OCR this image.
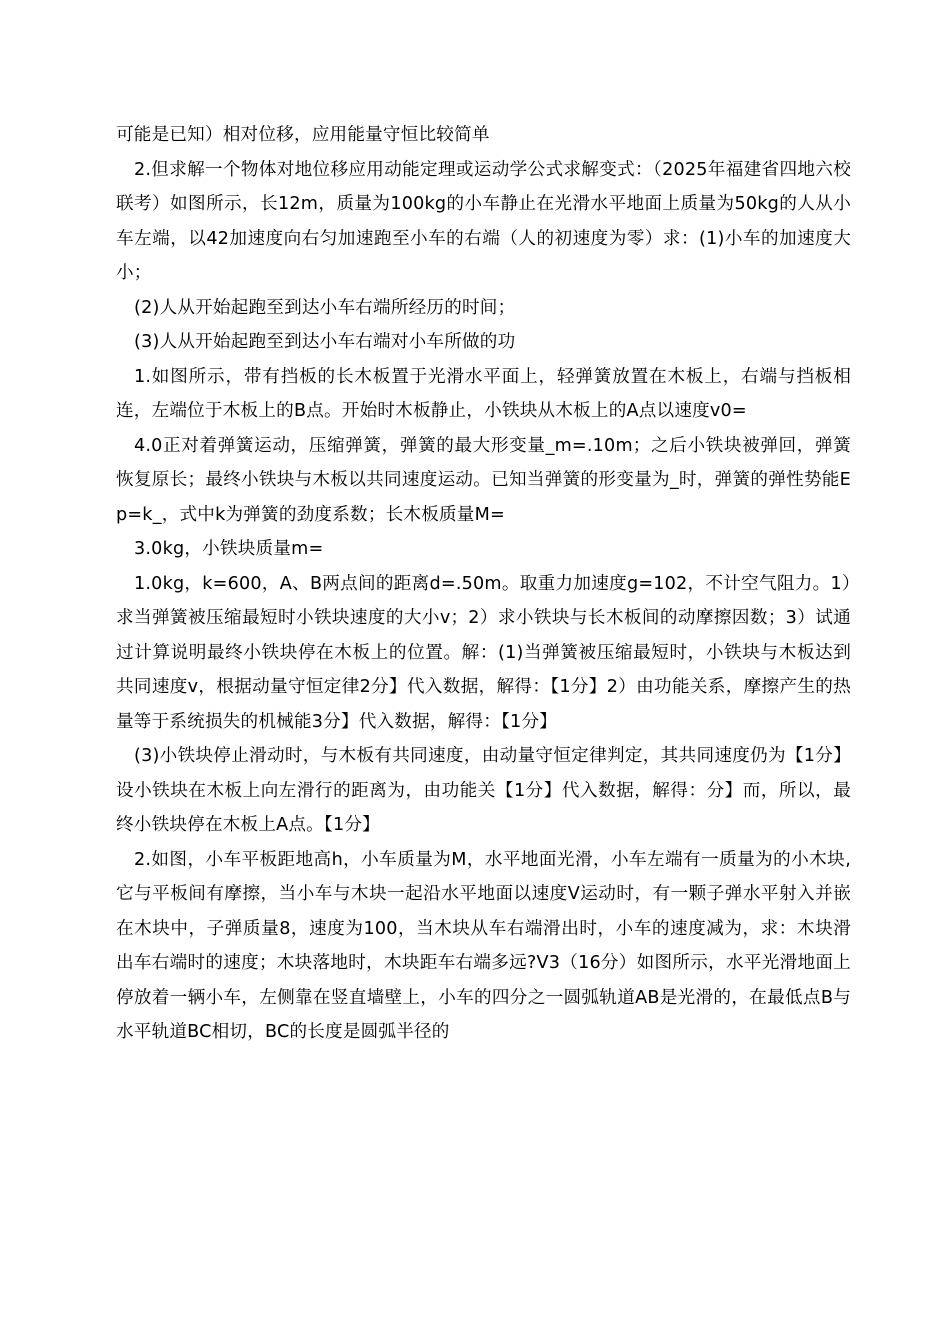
可能是已知）相对位移，应用能量守恒比较简单

2.但求解一个物体对地位移应用动能定理或运动学公式求解变式：（2025年福建省四地六校联考）如图所示，长12m，质量为100kg的小车静止在光滑水平地面上质量为50kg的人从小车左端，以42加速度向右匀加速跑至小车的右端（人的初速度为零）求：(1)小车的加速度大小；

(2)人从开始起跑至到达小车右端所经历的时间；

(3)人从开始起跑至到达小车右端对小车所做的功

1.如图所示，带有挡板的长木板置于光滑水平面上，轻弹簧放置在木板上，右端与挡板相连，左端位于木板上的B点。开始时木板静止，小铁块从木板上的A点以速度v0=

4.0正对着弹簧运动，压缩弹簧，弹簧的最大形变量_m=.10m；之后小铁块被弹回，弹簧恢复原长；最终小铁块与木板以共同速度运动。已知当弹簧的形变量为_时，弹簧的弹性势能Ep=k_，式中k为弹簧的劲度系数；长木板质量M=

3.0kg，小铁块质量m=

1.0kg，k=600，A、B两点间的距离d=.50m。取重力加速度g=102，不计空气阻力。1）求当弹簧被压缩最短时小铁块速度的大小v；2）求小铁块与长木板间的动摩擦因数；3）试通过计算说明最终小铁块停在木板上的位置。解：(1)当弹簧被压缩最短时，小铁块与木板达到共同速度v，根据动量守恒定律2分】代入数据，解得：【1分】2）由功能关系，摩擦产生的热量等于系统损失的机械能3分】代入数据，解得：【1分】

(3)小铁块停止滑动时，与木板有共同速度，由动量守恒定律判定，其共同速度仍为【1分】设小铁块在木板上向左滑行的距离为，由功能关【1分】代入数据，解得：分】而，所以，最终小铁块停在木板上A点。【1分】

2.如图，小车平板距地高h，小车质量为M，水平地面光滑，小车左端有一质量为的小木块,它与平板间有摩擦，当小车与木块一起沿水平地面以速度V运动时，有一颗子弹水平射入并嵌在木块中，子弹质量8，速度为100，当木块从车右端滑出时，小车的速度减为，求：木块滑出车右端时的速度；木块落地时，木块距车右端多远?V3（16分）如图所示，水平光滑地面上停放着一辆小车，左侧靠在竖直墙壁上，小车的四分之一圆弧轨道AB是光滑的，在最低点B与水平轨道BC相切，BC的长度是圆弧半径的
